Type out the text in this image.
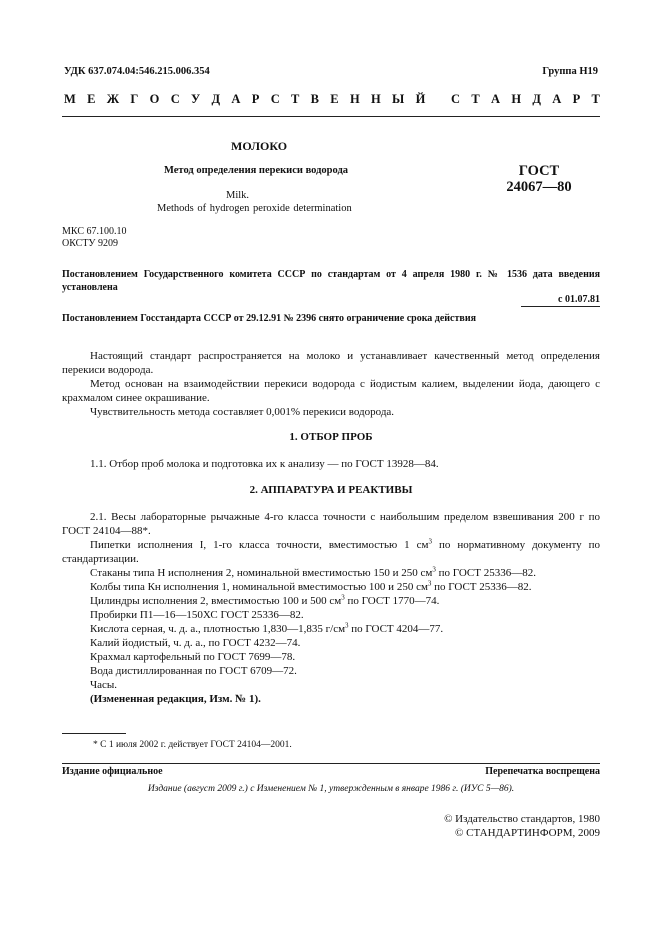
УДК 637.074.04:546.215.006.354	Группа Н19
М Е Ж Г О С У Д А Р С Т В Е Н Н Ы Й
С Т А Н Д А Р Т
МОЛОКО
Метод определения перекиси водорода	ГОСТ
24067—80
Milk.
Methods of hydrogen peroxide determination
МКС 67.100.10
ОКСТУ 9209
Постановлением Государственного комитета СССР по стандартам от 4 апреля 1980 г. № 1536 дата введения установлена
с 01.07.81
Постановлением Госстандарта СССР от 29.12.91 № 2396 снято ограничение срока действия

Настоящий стандарт распространяется на молоко и устанавливает качественный метод определения перекиси водорода.

Метод основан на взаимодействии перекиси водорода с йодистым калием, выделении йода, дающего с крахмалом синее окрашивание.

Чувствительность метода составляет 0,001% перекиси водорода.

1. ОТБОР ПРОБ

1.1. Отбор проб молока и подготовка их к анализу — по ГОСТ 13928—84.

2. АППАРАТУРА И РЕАКТИВЫ

2.1. Весы лабораторные рычажные 4-го класса точности с наибольшим пределом взвешивания 200 г по ГОСТ 24104—88*.

Пипетки исполнения I, 1-го класса точности, вместимостью 1 $см^3$ по нормативному документу по стандартизации.

Стаканы типа Н исполнения 2, номинальной вместимостью 150 и 250 $см^3$ по ГОСТ 25336—82.

Колбы типа Кн исполнения 1, номинальной вместимостью 100 и 250 $см^3$ по ГОСТ 25336—82.

Цилиндры исполнения 2, вместимостью 100 и 500 $см^3$ по ГОСТ 1770—74.

Пробирки П1—16—150ХС ГОСТ 25336—82.

Кислота серная, ч. д. а., плотностью 1,830—1,835 $г/см^3$ по ГОСТ 4204—77.

Калий йодистый, ч. д. а., по ГОСТ 4232—74.

Крахмал картофельный по ГОСТ 7699—78.

Вода дистиллированная по ГОСТ 6709—72.

Часы.

(Измененная редакция, Изм. № 1).

* С 1 июля 2002 г. действует ГОСТ 24104—2001.
Издание официальное	Перепечатка воспрещена
Издание (август 2009 г.) с Изменением № 1, утвержденным в январе 1986 г. (ИУС 5—86).
© Издательство стандартов, 1980
© СТАНДАРТИНФОРМ, 2009
